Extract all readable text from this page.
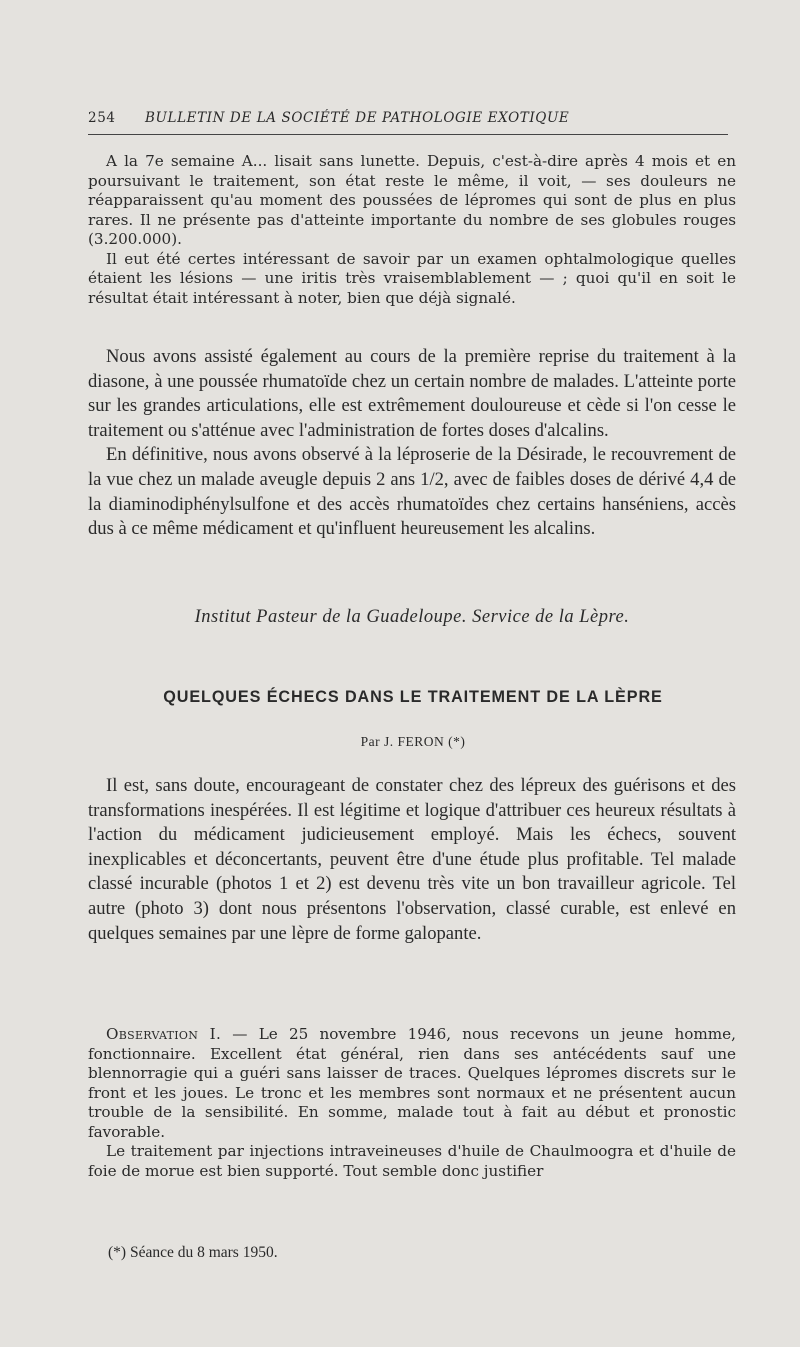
254 BULLETIN DE LA SOCIÉTÉ DE PATHOLOGIE EXOTIQUE

A la 7e semaine A... lisait sans lunette. Depuis, c'est-à-dire après 4 mois et en poursuivant le traitement, son état reste le même, il voit, — ses douleurs ne réapparaissent qu'au moment des poussées de lépromes qui sont de plus en plus rares. Il ne présente pas d'atteinte importante du nombre de ses globules rouges (3.200.000).

Il eut été certes intéressant de savoir par un examen ophtalmologique quelles étaient les lésions — une iritis très vraisemblablement — ; quoi qu'il en soit le résultat était intéressant à noter, bien que déjà signalé.

Nous avons assisté également au cours de la première reprise du traitement à la diasone, à une poussée rhumatoïde chez un certain nombre de malades. L'atteinte porte sur les grandes articulations, elle est extrêmement douloureuse et cède si l'on cesse le traitement ou s'atténue avec l'administration de fortes doses d'alcalins.

En définitive, nous avons observé à la léproserie de la Désirade, le recouvrement de la vue chez un malade aveugle depuis 2 ans 1/2, avec de faibles doses de dérivé 4,4 de la diaminodiphénylsulfone et des accès rhumatoïdes chez certains hanséniens, accès dus à ce même médicament et qu'influent heureusement les alcalins.

Institut Pasteur de la Guadeloupe. Service de la Lèpre.
QUELQUES ÉCHECS DANS LE TRAITEMENT DE LA LÈPRE
Par J. FERON (*)

Il est, sans doute, encourageant de constater chez des lépreux des guérisons et des transformations inespérées. Il est légitime et logique d'attribuer ces heureux résultats à l'action du médicament judicieusement employé. Mais les échecs, souvent inexplicables et déconcertants, peuvent être d'une étude plus profitable. Tel malade classé incurable (photos 1 et 2) est devenu très vite un bon travailleur agricole. Tel autre (photo 3) dont nous présentons l'observation, classé curable, est enlevé en quelques semaines par une lèpre de forme galopante.

Observation I. — Le 25 novembre 1946, nous recevons un jeune homme, fonctionnaire. Excellent état général, rien dans ses antécédents sauf une blennorragie qui a guéri sans laisser de traces. Quelques lépromes discrets sur le front et les joues. Le tronc et les membres sont normaux et ne présentent aucun trouble de la sensibilité. En somme, malade tout à fait au début et pronostic favorable.

Le traitement par injections intraveineuses d'huile de Chaulmoogra et d'huile de foie de morue est bien supporté. Tout semble donc justifier

(*) Séance du 8 mars 1950.
